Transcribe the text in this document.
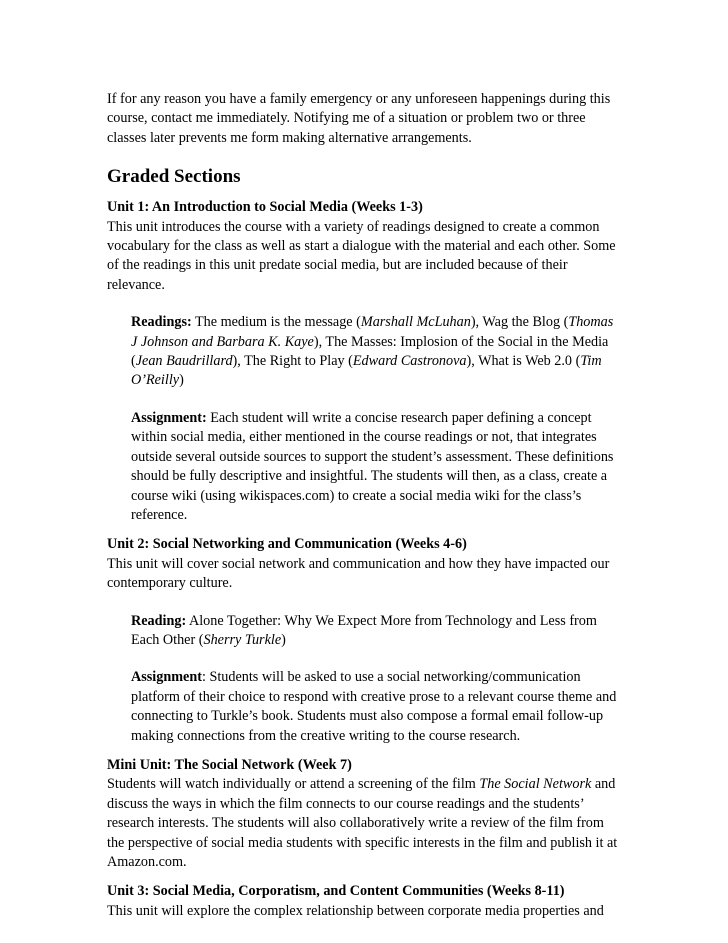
If for any reason you have a family emergency or any unforeseen happenings during this course, contact me immediately. Notifying me of a situation or problem two or three classes later prevents me form making alternative arrangements.

Graded Sections

Unit 1: An Introduction to Social Media (Weeks 1-3)

This unit introduces the course with a variety of readings designed to create a common vocabulary for the class as well as start a dialogue with the material and each other. Some of the readings in this unit predate social media, but are included because of their relevance.

Readings: The medium is the message (Marshall McLuhan), Wag the Blog (Thomas J Johnson and Barbara K. Kaye), The Masses: Implosion of the Social in the Media (Jean Baudrillard), The Right to Play (Edward Castronova), What is Web 2.0 (Tim O’Reilly)

Assignment: Each student will write a concise research paper defining a concept within social media, either mentioned in the course readings or not, that integrates outside several outside sources to support the student’s assessment. These definitions should be fully descriptive and insightful. The students will then, as a class, create a course wiki (using wikispaces.com) to create a social media wiki for the class’s reference.

Unit 2: Social Networking and Communication (Weeks 4-6)

This unit will cover social network and communication and how they have impacted our contemporary culture.

Reading: Alone Together: Why We Expect More from Technology and Less from Each Other (Sherry Turkle)

Assignment: Students will be asked to use a social networking/communication platform of their choice to respond with creative prose to a relevant course theme and connecting to Turkle’s book. Students must also compose a formal email follow-up making connections from the creative writing to the course research.

Mini Unit: The Social Network (Week 7)

Students will watch individually or attend a screening of the film The Social Network and discuss the ways in which the film connects to our course readings and the students’ research interests. The students will also collaboratively write a review of the film from the perspective of social media students with specific interests in the film and publish it at Amazon.com.

Unit 3: Social Media, Corporatism, and Content Communities (Weeks 8-11)

This unit will explore the complex relationship between corporate media properties and
